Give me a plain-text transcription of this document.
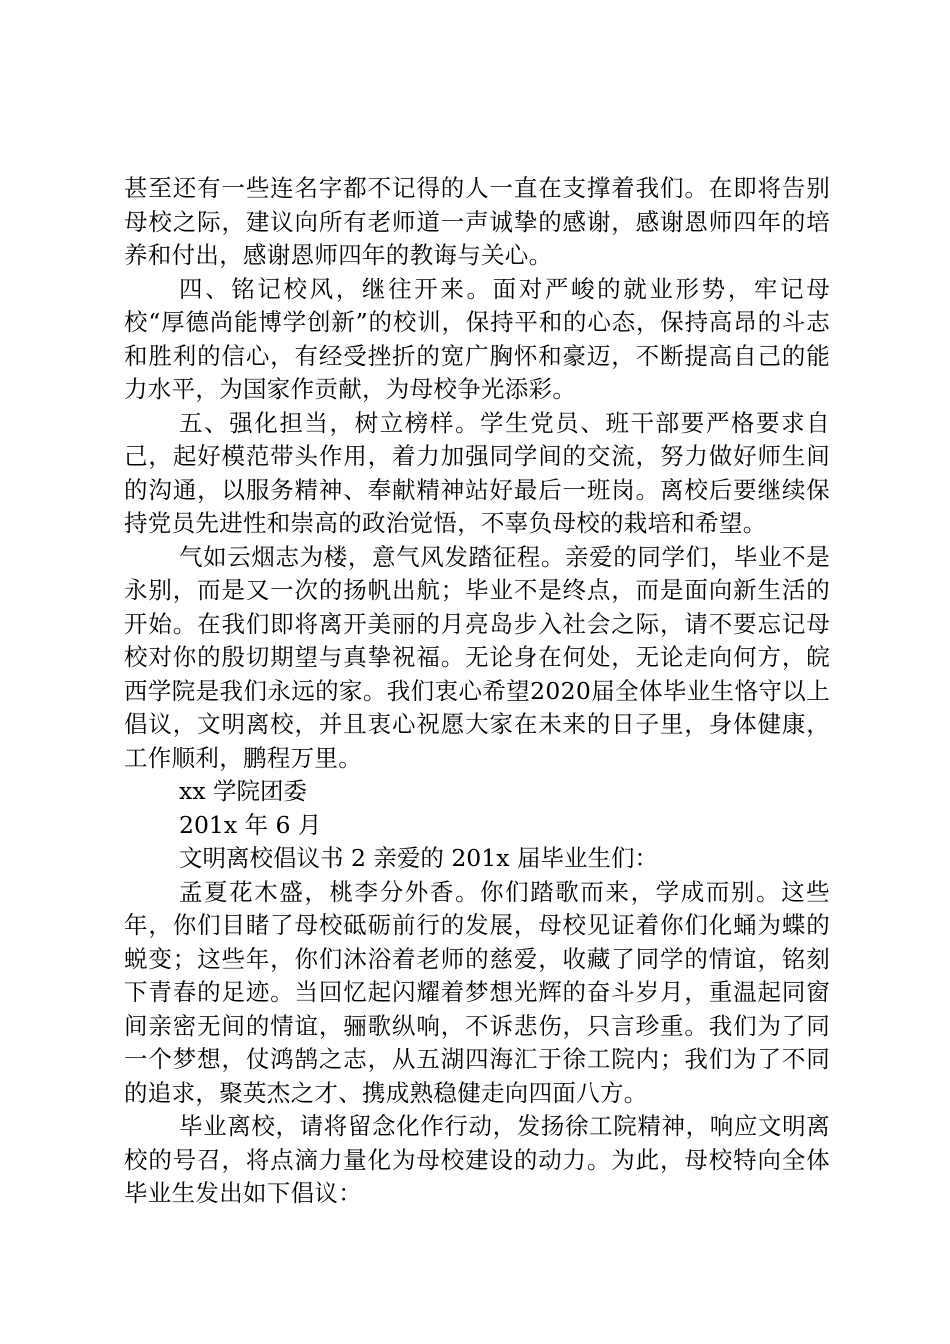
甚至还有一些连名字都不记得的人一直在支撑着我们。在即将告别母校之际，建议向所有老师道一声诚挚的感谢，感谢恩师四年的培养和付出，感谢恩师四年的教诲与关心。

四、铭记校风，继往开来。面对严峻的就业形势，牢记母校“厚德尚能博学创新”的校训，保持平和的心态，保持高昂的斗志和胜利的信心，有经受挫折的宽广胸怀和豪迈，不断提高自己的能力水平，为国家作贡献，为母校争光添彩。

五、强化担当，树立榜样。学生党员、班干部要严格要求自己，起好模范带头作用，着力加强同学间的交流，努力做好师生间的沟通，以服务精神、奉献精神站好最后一班岗。离校后要继续保持党员先进性和崇高的政治觉悟，不辜负母校的栽培和希望。

气如云烟志为楼，意气风发踏征程。亲爱的同学们，毕业不是永别，而是又一次的扬帆出航；毕业不是终点，而是面向新生活的开始。在我们即将离开美丽的月亮岛步入社会之际，请不要忘记母校对你的殷切期望与真挚祝福。无论身在何处，无论走向何方，皖西学院是我们永远的家。我们衷心希望2020届全体毕业生恪守以上倡议，文明离校，并且衷心祝愿大家在未来的日子里，身体健康，工作顺利，鹏程万里。

xx 学院团委

201x 年 6 月

文明离校倡议书 2 亲爱的 201x 届毕业生们：

孟夏花木盛，桃李分外香。你们踏歌而来，学成而别。这些年，你们目睹了母校砥砺前行的发展，母校见证着你们化蛹为蝶的蜕变；这些年，你们沐浴着老师的慈爱，收藏了同学的情谊，铭刻下青春的足迹。当回忆起闪耀着梦想光辉的奋斗岁月，重温起同窗间亲密无间的情谊，骊歌纵响，不诉悲伤，只言珍重。我们为了同一个梦想，仗鸿鹄之志，从五湖四海汇于徐工院内；我们为了不同的追求，聚英杰之才、携成熟稳健走向四面八方。

毕业离校，请将留念化作行动，发扬徐工院精神，响应文明离校的号召，将点滴力量化为母校建设的动力。为此，母校特向全体毕业生发出如下倡议：
